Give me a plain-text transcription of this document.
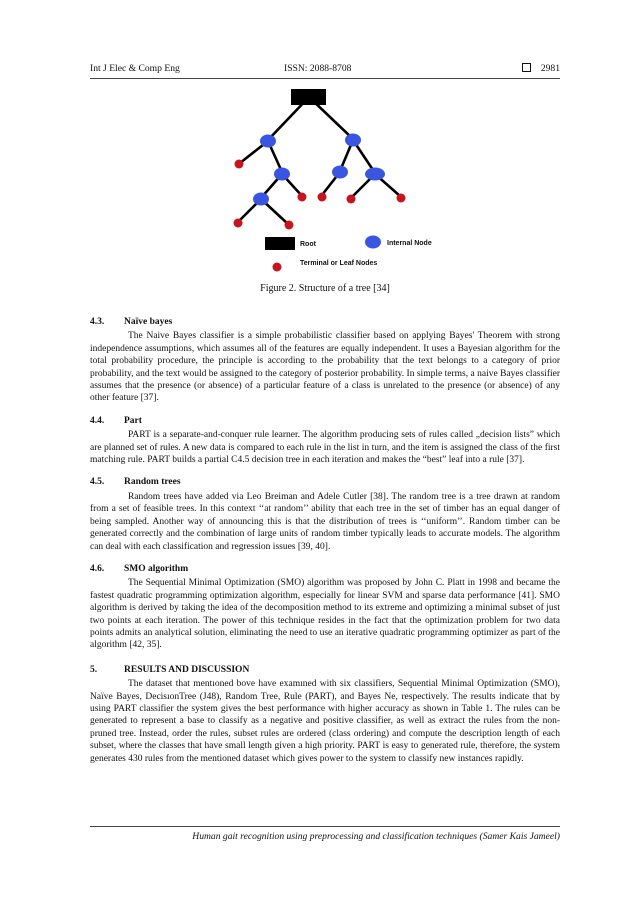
Int J Elec & Comp Eng	ISSN: 2088-8708	2981
Root	Internal Node
Terminal or Leaf Nodes
Figure 2. Structure of a tree [34]

4.3. Naïve bayes

The Naive Bayes classifier is a simple probabilistic classifier based on applying Bayes' Theorem with strong independence assumptions, which assumes all of the features are equally independent. It uses a Bayesian algorithm for the total probability procedure, the principle is according to the probability that the text belongs to a category of prior probability, and the text would be assigned to the category of posterior probability. In simple terms, a naive Bayes classifier assumes that the presence (or absence) of a particular feature of a class is unrelated to the presence (or absence) of any other feature [37].

4.4. Part

PART is a separate-and-conquer rule learner. The algorithm producing sets of rules called „decision lists” which are planned set of rules. A new data is compared to each rule in the list in turn, and the item is assigned the class of the first matching rule. PART builds a partial C4.5 decision tree in each iteration and makes the “best” leaf into a rule [37].

4.5. Random trees

Random trees have added via Leo Breiman and Adele Cutler [38]. The random tree is a tree drawn at random from a set of feasible trees. In this context ‘‘at random’’ ability that each tree in the set of timber has an equal danger of being sampled. Another way of announcing this is that the distribution of trees is ‘‘uniform’’. Random timber can be generated correctly and the combination of large units of random timber typically leads to accurate models. The algorithm can deal with each classification and regression issues [39, 40].

4.6. SMO algorithm

The Sequential Minimal Optimization (SMO) algorithm was proposed by John C. Platt in 1998 and became the fastest quadratic programming optimization algorithm, especially for linear SVM and sparse data performance [41]. SMO algorithm is derived by taking the idea of the decomposition method to its extreme and optimizing a minimal subset of just two points at each iteration. The power of this technique resides in the fact that the optimization problem for two data points admits an analytical solution, eliminating the need to use an iterative quadratic programming optimizer as part of the algorithm [42, 35].

5.	RESULTS AND DISCUSSION

The dataset that mentıoned bove have examıned with six classifiers, Sequential Minimal Optimization (SMO), Naïve Bayes, DecisıonTree (J48), Random Tree, Rule (PART), and Bayes Ne, respectively. The results indicate that by using PART classifier the system gives the best performance with higher accuracy as shown in Table 1. The rules can be generated to represent a base to classify as a negative and positive classifier, as well as extract the rules from the non-pruned tree. Instead, order the rules, subset rules are ordered (class ordering) and compute the description length of each subset, where the classes that have small length given a high priority. PART is easy to generated rule, therefore, the system generates 430 rules from the mentioned dataset which gives power to the system to classify new instances rapidly.

Human gait recognition using preprocessing and classification techniques (Samer Kais Jameel)
